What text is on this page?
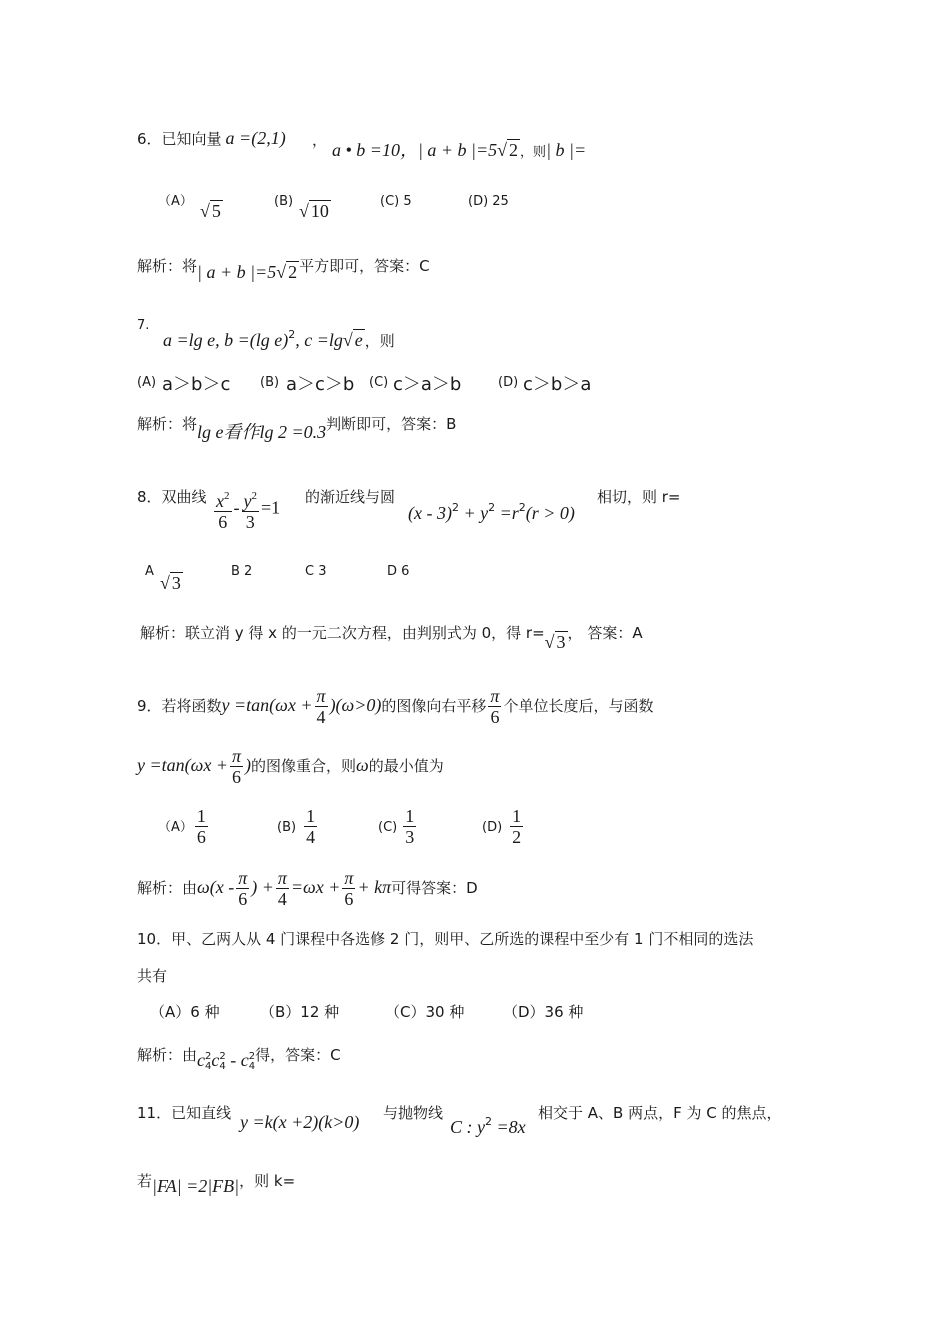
6．已知向量 a =(2,1) ， a • b =10，| a + b |=5√ 2 ，则| b |=
（A） √ 5	(B) √ 10	(C) 5	(D) 25
解析：将| a + b |=5√ 2 平方即可，答案：C
7.
a =lg e, b =(lg e)$^2$, c =lg√ e ，则
(A) a＞b＞c (B) a＞c＞b (C) c＞a＞b	(D) c＞b＞a
解析：将lg e看作lg 2 =0.3判断即可，答案：B
8．双曲线 $\frac{x^2}{6} - \frac{y^2}{3} =1$
的渐近线与圆
$(x - 3)^2 + y^2 =r^2(r > 0)$
相切，则 r=
A
√ 3
B 2	C 3	D 6
解析：联立消 y 得 x 的一元二次方程，由判别式为 0，得 r=√ 3 ， 答案：A
9．若将函数$y =\tan(\omega x + \frac{\pi}{4} )(\omega>0)$的图像向右平移 $\frac{\pi}{6}$ 个单位长度后，与函数
$y =\tan(\omega x + \frac{\pi}{6}$ )的图像重合，则ω的最小值为
$(A) \frac{1}{6}$	$(B) \frac{1}{4}$	$(C) \frac{1}{3}$	$(D) \frac{1}{2}$
解析：由$\omega(x - \frac{\pi}{6}$ ) + $\frac{\pi}{4} =\omega x + \frac{\pi}{6} + k\pi$可得答案：D
10．甲、乙两人从 4 门课程中各选修 2 门，则甲、乙所选的课程中至少有 1 门不相同的选法
共有
（A）6 种	（B）12 种	（C）30 种	（D）36 种
解析：由c 2
4 c 2
4 - c 2
4
得，答案：C
11．已知直线 y =k(x +2)(k>0) 与抛物线
C : $y^2 =8x$
相交于 A、B 两点，F 为 C 的焦点，
若|FA| =2|FB|，则 k=
